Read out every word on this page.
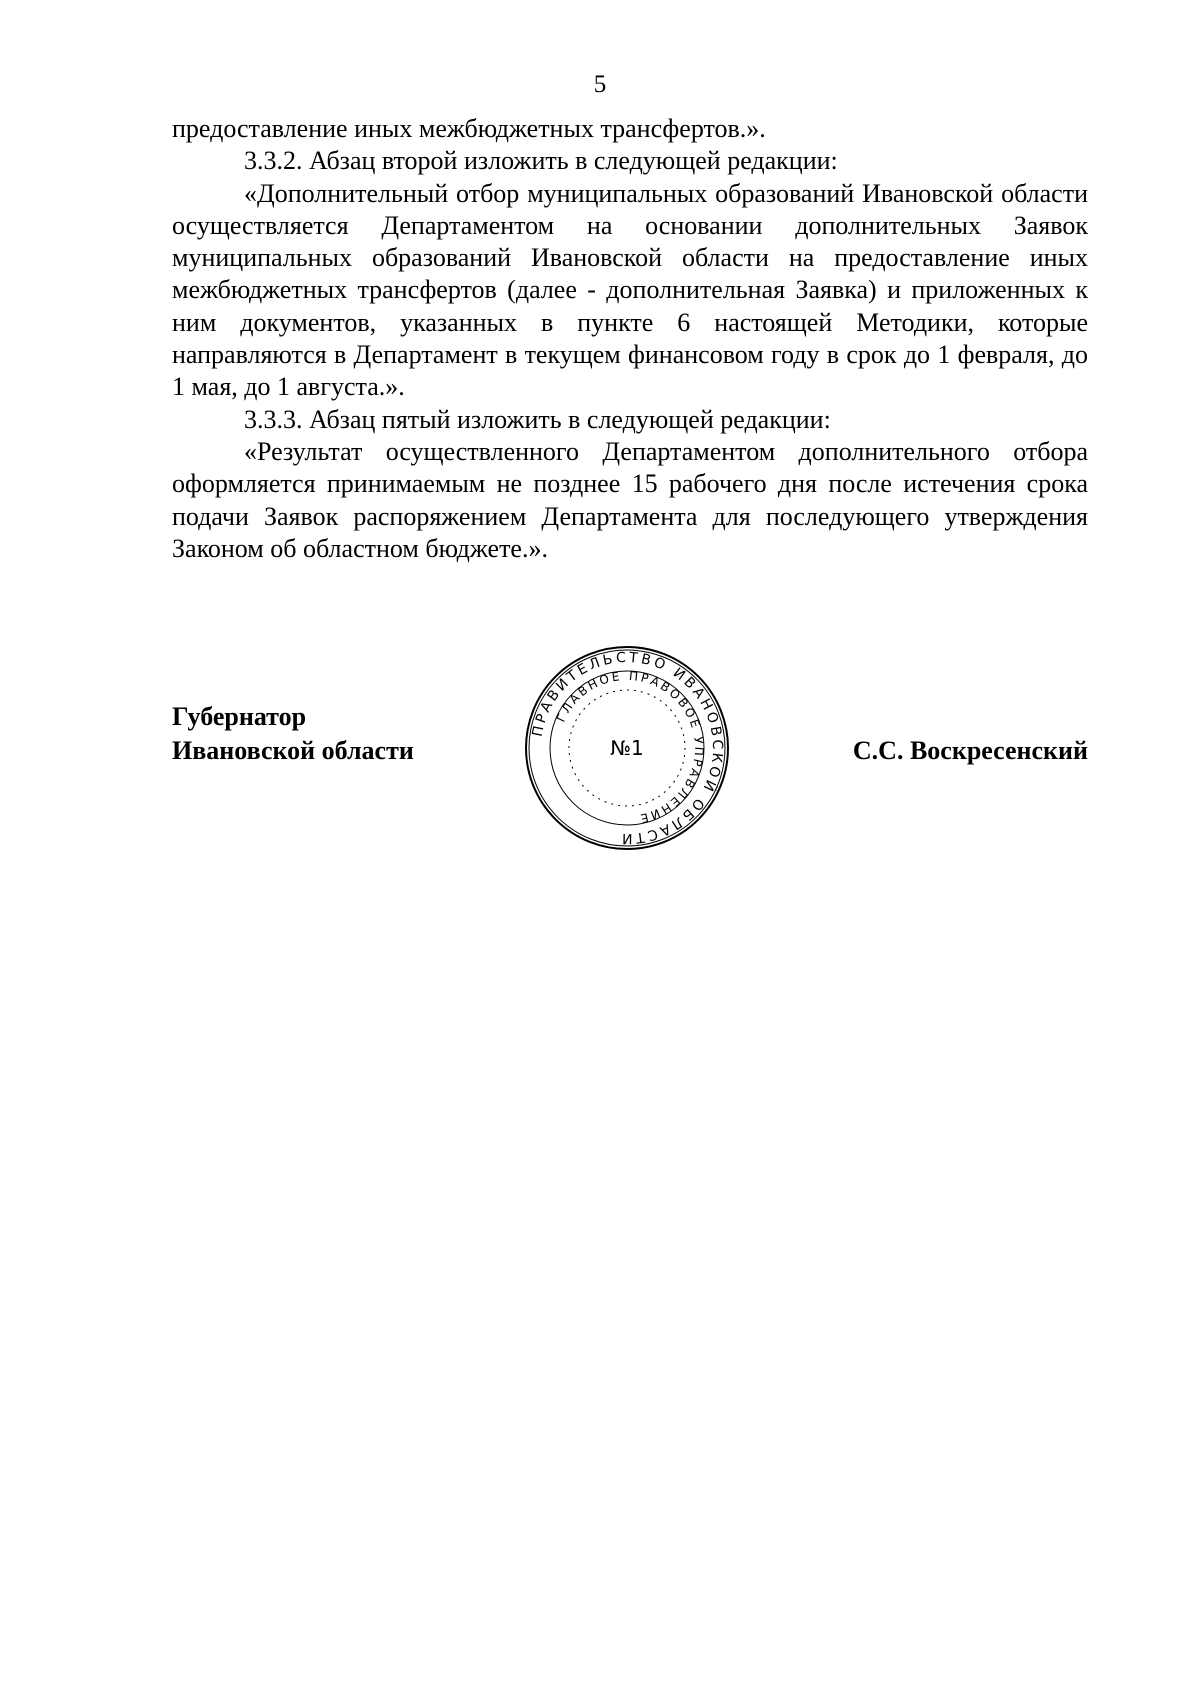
5

предоставление иных межбюджетных трансфертов.».

3.3.2. Абзац второй изложить в следующей редакции:

«Дополнительный отбор муниципальных образований Ивановской области осуществляется Департаментом на основании дополнительных Заявок муниципальных образований Ивановской области на предоставление иных межбюджетных трансфертов (далее - дополнительная Заявка) и приложенных к ним документов, указанных в пункте 6 настоящей Методики, которые направляются в Департамент в текущем финансовом году в срок до 1 февраля, до 1 мая, до 1 августа.».

3.3.3. Абзац пятый изложить в следующей редакции:

«Результат осуществленного Департаментом дополнительного отбора оформляется принимаемым не позднее 15 рабочего дня после истечения срока подачи Заявок распоряжением Департамента для последующего утверждения Законом об областном бюджете.».

Губернатор
Ивановской области
ПРАВИТЕЛЬСТВО ИВАНОВСКОЙ ОБЛАСТИ
ГЛАВНОЕ ПРАВОВОЕ УПРАВЛЕНИЕ
№1	С.С. Воскресенский
